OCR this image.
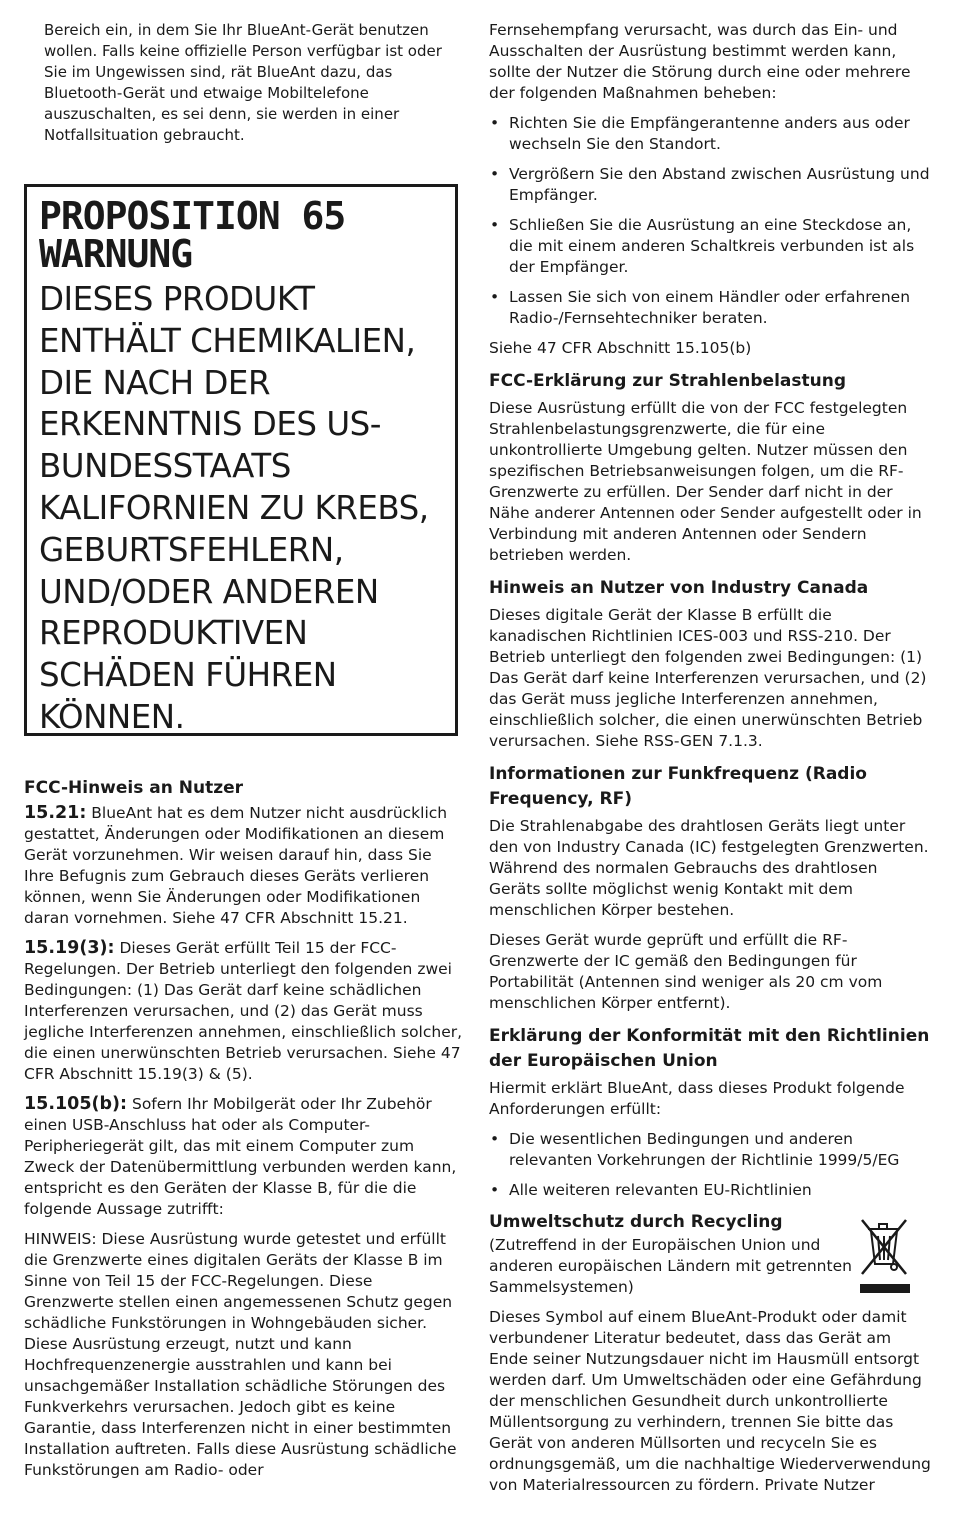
Bereich ein, in dem Sie Ihr BlueAnt-Gerät benutzen wollen. Falls keine offizielle Person verfügbar ist oder Sie im Ungewissen sind, rät BlueAnt dazu, das Bluetooth-Gerät und etwaige Mobiltelefone auszuschalten, es sei denn, sie werden in einer Notfallsituation gebraucht.

PROPOSITION 65 WARNUNG

DIESES PRODUKT ENTHÄLT CHEMIKALIEN, DIE NACH DER ERKENNTNIS DES US-BUNDESSTAATS KALIFORNIEN ZU KREBS, GEBURTSFEHLERN, UND/ODER ANDEREN REPRODUKTIVEN SCHÄDEN FÜHREN KÖNNEN.

FCC-Hinweis an Nutzer

15.21: BlueAnt hat es dem Nutzer nicht ausdrücklich gestattet, Änderungen oder Modifikationen an diesem Gerät vorzunehmen. Wir weisen darauf hin, dass Sie Ihre Befugnis zum Gebrauch dieses Geräts verlieren können, wenn Sie Änderungen oder Modifikationen daran vornehmen. Siehe 47 CFR Abschnitt 15.21.

15.19(3): Dieses Gerät erfüllt Teil 15 der FCC-Regelungen. Der Betrieb unterliegt den folgenden zwei Bedingungen: (1) Das Gerät darf keine schädlichen Interferenzen verursachen, und (2) das Gerät muss jegliche Interferenzen annehmen, einschließlich solcher, die einen unerwünschten Betrieb verursachen. Siehe 47 CFR Abschnitt 15.19(3) & (5).

15.105(b): Sofern Ihr Mobilgerät oder Ihr Zubehör einen USB-Anschluss hat oder als Computer-Peripheriegerät gilt, das mit einem Computer zum Zweck der Datenübermittlung verbunden werden kann, entspricht es den Geräten der Klasse B, für die die folgende Aussage zutrifft:

HINWEIS: Diese Ausrüstung wurde getestet und erfüllt die Grenzwerte eines digitalen Geräts der Klasse B im Sinne von Teil 15 der FCC-Regelungen. Diese Grenzwerte stellen einen angemessenen Schutz gegen schädliche Funkstörungen in Wohngebäuden sicher. Diese Ausrüstung erzeugt, nutzt und kann Hochfrequenzenergie ausstrahlen und kann bei unsachgemäßer Installation schädliche Störungen des Funkverkehrs verursachen. Jedoch gibt es keine Garantie, dass Interferenzen nicht in einer bestimmten Installation auftreten. Falls diese Ausrüstung schädliche Funkstörungen am Radio- oder

Fernsehempfang verursacht, was durch das Ein- und Ausschalten der Ausrüstung bestimmt werden kann, sollte der Nutzer die Störung durch eine oder mehrere der folgenden Maßnahmen beheben:

• Richten Sie die Empfängerantenne anders aus oder wechseln Sie den Standort.
• Vergrößern Sie den Abstand zwischen Ausrüstung und Empfänger.
• Schließen Sie die Ausrüstung an eine Steckdose an, die mit einem anderen Schaltkreis verbunden ist als der Empfänger.
• Lassen Sie sich von einem Händler oder erfahrenen Radio-/Fernsehtechniker beraten.

Siehe 47 CFR Abschnitt 15.105(b)

FCC-Erklärung zur Strahlenbelastung

Diese Ausrüstung erfüllt die von der FCC festgelegten Strahlenbelastungsgrenzwerte, die für eine unkontrollierte Umgebung gelten. Nutzer müssen den spezifischen Betriebsanweisungen folgen, um die RF-Grenzwerte zu erfüllen. Der Sender darf nicht in der Nähe anderer Antennen oder Sender aufgestellt oder in Verbindung mit anderen Antennen oder Sendern betrieben werden.

Hinweis an Nutzer von Industry Canada

Dieses digitale Gerät der Klasse B erfüllt die kanadischen Richtlinien ICES-003 und RSS-210. Der Betrieb unterliegt den folgenden zwei Bedingungen: (1) Das Gerät darf keine Interferenzen verursachen, und (2) das Gerät muss jegliche Interferenzen annehmen, einschließlich solcher, die einen unerwünschten Betrieb verursachen. Siehe RSS-GEN 7.1.3.

Informationen zur Funkfrequenz (Radio Frequency, RF)

Die Strahlenabgabe des drahtlosen Geräts liegt unter den von Industry Canada (IC) festgelegten Grenzwerten. Während des normalen Gebrauchs des drahtlosen Geräts sollte möglichst wenig Kontakt mit dem menschlichen Körper bestehen.

Dieses Gerät wurde geprüft und erfüllt die RF-Grenzwerte der IC gemäß den Bedingungen für Portabilität (Antennen sind weniger als 20 cm vom menschlichen Körper entfernt).

Erklärung der Konformität mit den Richtlinien der Europäischen Union

Hiermit erklärt BlueAnt, dass dieses Produkt folgende Anforderungen erfüllt:

• Die wesentlichen Bedingungen und anderen relevanten Vorkehrungen der Richtlinie 1999/5/EG
• Alle weiteren relevanten EU-Richtlinien

Umweltschutz durch Recycling

(Zutreffend in der Europäischen Union und anderen europäischen Ländern mit getrennten Sammelsystemen)

Dieses Symbol auf einem BlueAnt-Produkt oder damit verbundener Literatur bedeutet, dass das Gerät am Ende seiner Nutzungsdauer nicht im Hausmüll entsorgt werden darf. Um Umweltschäden oder eine Gefährdung der menschlichen Gesundheit durch unkontrollierte Müllentsorgung zu verhindern, trennen Sie bitte das Gerät von anderen Müllsorten und recyceln Sie es ordnungsgemäß, um die nachhaltige Wiederverwendung von Materialressourcen zu fördern. Private Nutzer
